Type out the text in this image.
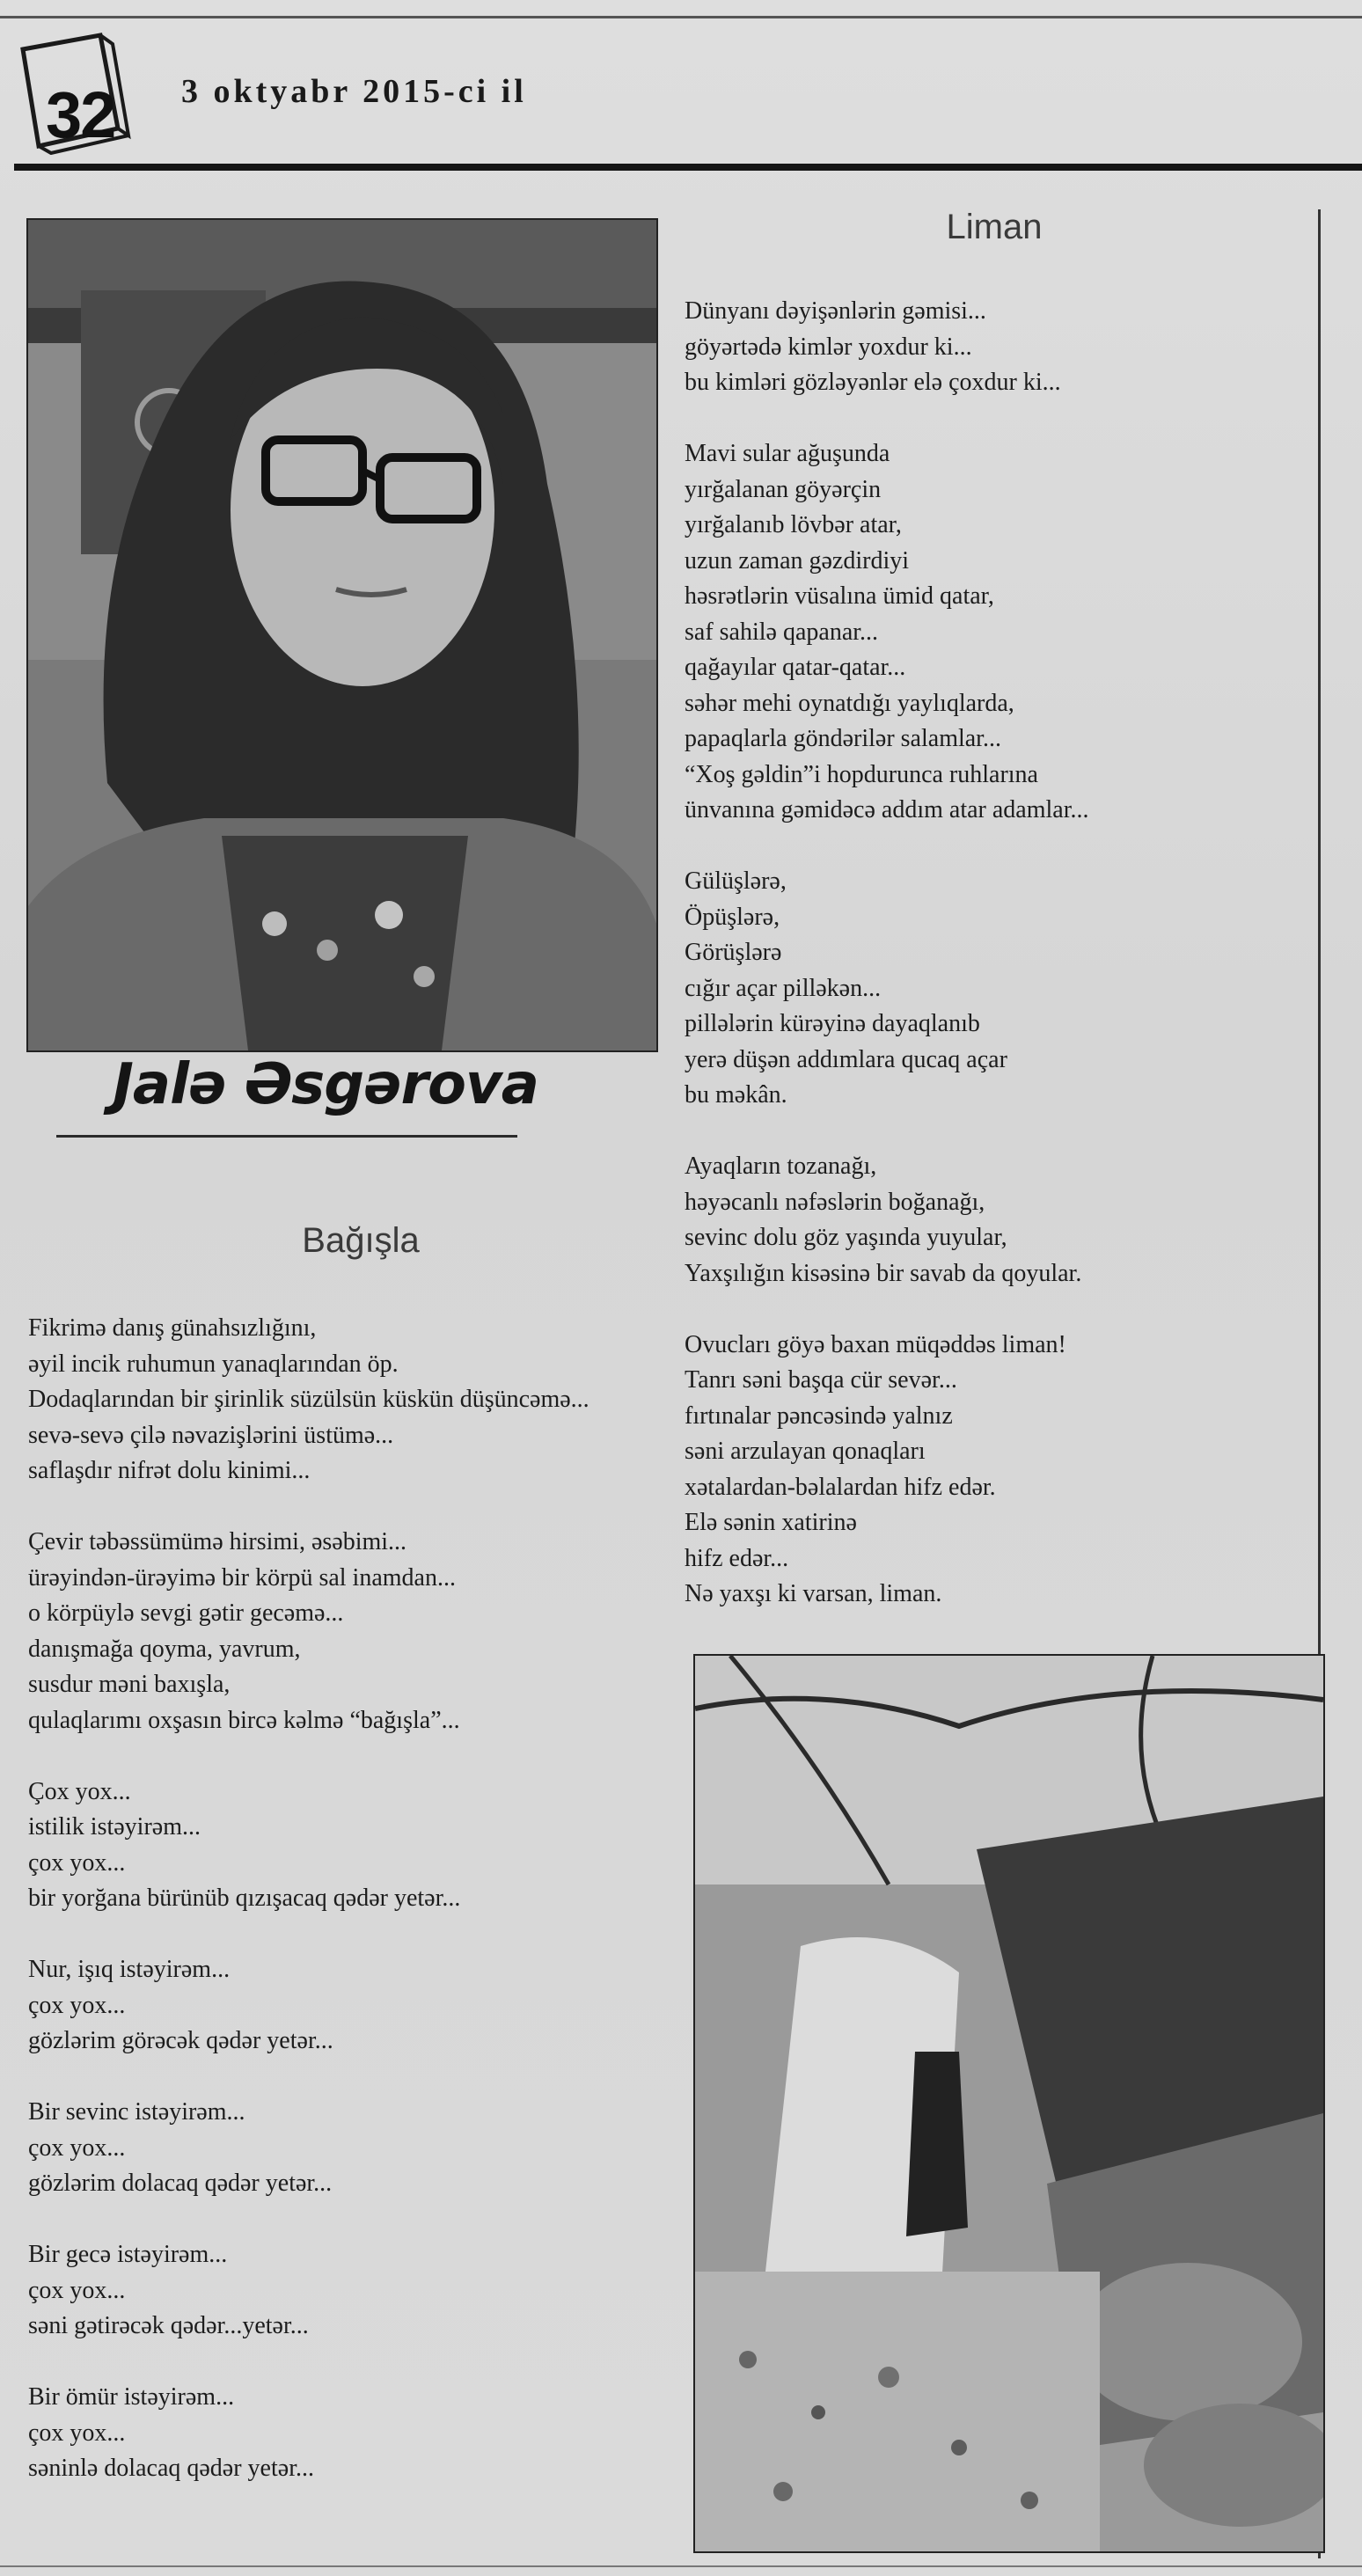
32	3 oktyabr 2015-ci il
Jalə Əsgərova
Liman
Dünyanı dəyişənlərin gəmisi...
göyərtədə kimlər yoxdur ki...
bu kimləri gözləyənlər elə çoxdur ki...
Mavi sular ağuşunda
yırğalanan göyərçin
yırğalanıb lövbər atar,
uzun zaman gəzdirdiyi
həsrətlərin vüsalına ümid qatar,
saf sahilə qapanar...
qağayılar qatar-qatar...
səhər mehi oynatdığı yaylıqlarda,
papaqlarla göndərilər salamlar...
“Xoş gəldin”i hopdurunca ruhlarına
ünvanına gəmidəcə addım atar adamlar...
Gülüşlərə,
Öpüşlərə,
Görüşlərə
cığır açar pilləkən...
pillələrin kürəyinə dayaqlanıb
yerə düşən addımlara qucaq açar
bu məkân.
Ayaqların tozanağı,
həyəcanlı nəfəslərin boğanağı,
sevinc dolu göz yaşında yuyular,
Yaxşılığın kisəsinə bir savab da qoyular.
Ovucları göyə baxan müqəddəs liman!
Tanrı səni başqa cür sevər...
fırtınalar pəncəsində yalnız
səni arzulayan qonaqları
xətalardan-bəlalardan hifz edər.
Elə sənin xatirinə
hifz edər...
Nə yaxşı ki varsan, liman.
Bağışla
Fikrimə danış günahsızlığını,
əyil incik ruhumun yanaqlarından öp.
Dodaqlarından bir şirinlik süzülsün küskün düşüncəmə...
sevə-sevə çilə nəvazişlərini üstümə...
saflaşdır nifrət dolu kinimi...
Çevir təbəssümümə hirsimi, əsəbimi...
ürəyindən-ürəyimə bir körpü sal inamdan...
o körpüylə sevgi gətir gecəmə...
danışmağa qoyma, yavrum,
susdur məni baxışla,
qulaqlarımı oxşasın bircə kəlmə “bağışla”...
Çox yox...
istilik istəyirəm...
çox yox...
bir yorğana bürünüb qızışacaq qədər yetər...
Nur, işıq istəyirəm...
çox yox...
gözlərim görəcək qədər yetər...
Bir sevinc istəyirəm...
çox yox...
gözlərim dolacaq qədər yetər...
Bir gecə istəyirəm...
çox yox...
səni gətirəcək qədər...yetər...
Bir ömür istəyirəm...
çox yox...
səninlə dolacaq qədər yetər...
